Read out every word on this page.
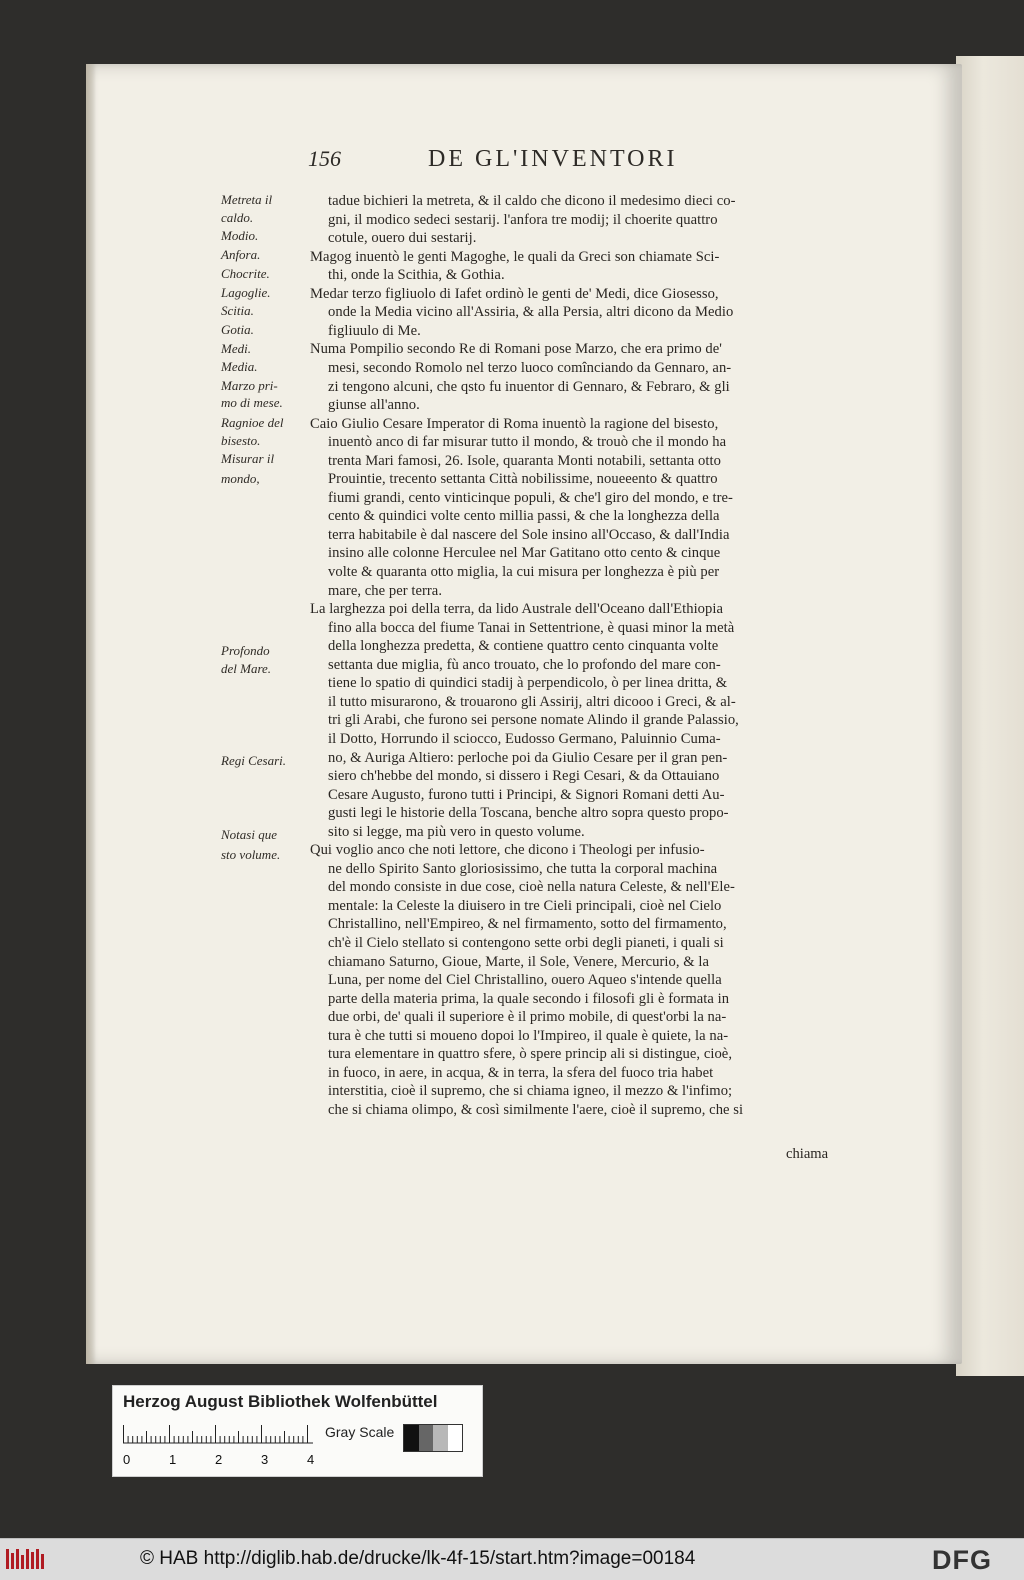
156	DE GL'INVENTORI
Metreta il
caldo.
Modio.
Anfora.
Chocrite.
Lagoglie.
Scitia.
Gotia.
Medi.
Media.
Marzo pri-
mo di mese.
Ragnioe del
bisesto.
Misurar il
mondo,
Profondo
del Mare.
Regi Cesari.
Notasi que
sto volume.
tadue bichieri la metreta, & il caldo che dicono il medesimo dieci co-
gni, il modico sedeci sestarij. l'anfora tre modij; il choerite quattro
cotule, ouero dui sestarij.
Magog inuentò le genti Magoghe, le quali da Greci son chiamate Sci-
thi, onde la Scithia, & Gothia.
Medar terzo figliuolo di Iafet ordinò le genti de' Medi, dice Giosesso,
onde la Media vicino all'Assiria, & alla Persia, altri dicono da Medio
figliuulo di Me.
Numa Pompilio secondo Re di Romani pose Marzo, che era primo de'
mesi, secondo Romolo nel terzo luoco comînciando da Gennaro, an-
zi tengono alcuni, che qsto fu inuentor di Gennaro, & Febraro, & gli
giunse all'anno.
Caio Giulio Cesare Imperator di Roma inuentò la ragione del bisesto,
inuentò anco di far misurar tutto il mondo, & trouò che il mondo ha
trenta Mari famosi, 26. Isole, quaranta Monti notabili, settanta otto
Prouintie, trecento settanta Città nobilissime, noueeento & quattro
fiumi grandi, cento vinticinque populi, & che'l giro del mondo, e tre-
cento & quindici volte cento millia passi, & che la longhezza della
terra habitabile è dal nascere del Sole insino all'Occaso, & dall'India
insino alle colonne Herculee nel Mar Gatitano otto cento & cinque
volte & quaranta otto miglia, la cui misura per longhezza è più per
mare, che per terra.
La larghezza poi della terra, da lido Australe dell'Oceano dall'Ethiopia
fino alla bocca del fiume Tanai in Settentrione, è quasi minor la metà
della longhezza predetta, & contiene quattro cento cinquanta volte
settanta due miglia, fù anco trouato, che lo profondo del mare con-
tiene lo spatio di quindici stadij à perpendicolo, ò per linea dritta, &
il tutto misurarono, & trouarono gli Assirij, altri dicooo i Greci, & al-
tri gli Arabi, che furono sei persone nomate Alindo il grande Palassio,
il Dotto, Horrundo il sciocco, Eudosso Germano, Paluinnio Cuma-
no, & Auriga Altiero: perloche poi da Giulio Cesare per il gran pen-
siero ch'hebbe del mondo, si dissero i Regi Cesari, & da Ottauiano
Cesare Augusto, furono tutti i Principi, & Signori Romani detti Au-
gusti legi le historie della Toscana, benche altro sopra questo propo-
sito si legge, ma più vero in questo volume.
Qui voglio anco che noti lettore, che dicono i Theologi per infusio-
ne dello Spirito Santo gloriosissimo, che tutta la corporal machina
del mondo consiste in due cose, cioè nella natura Celeste, & nell'Ele-
mentale: la Celeste la diuisero in tre Cieli principali, cioè nel Cielo
Christallino, nell'Empireo, & nel firmamento, sotto del firmamento,
ch'è il Cielo stellato si contengono sette orbi degli pianeti, i quali si
chiamano Saturno, Gioue, Marte, il Sole, Venere, Mercurio, & la
Luna, per nome del Ciel Christallino, ouero Aqueo s'intende quella
parte della materia prima, la quale secondo i filosofi gli è formata in
due orbi, de' quali il superiore è il primo mobile, di quest'orbi la na-
tura è che tutti si moueno dopoi lo l'Impireo, il quale è quiete, la na-
tura elementare in quattro sfere, ò spere princip ali si distingue, cioè,
in fuoco, in aere, in acqua, & in terra, la sfera del fuoco tria habet
interstitia, cioè il supremo, che si chiama igneo, il mezzo & l'infimo;
che si chiama olimpo, & così similmente l'aere, cioè il supremo, che si
chiama
Herzog August Bibliothek Wolfenbüttel
0	1	2	3	4
Gray Scale
© HAB http://diglib.hab.de/drucke/lk-4f-15/start.htm?image=00184	DFG
